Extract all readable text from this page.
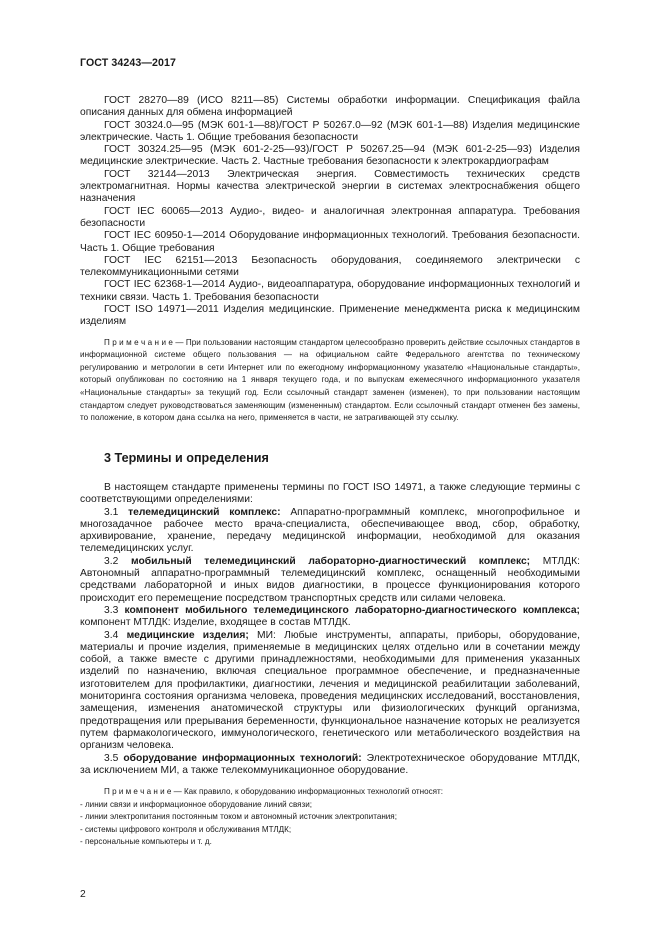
ГОСТ 34243—2017

ГОСТ 28270—89 (ИСО 8211—85) Системы обработки информации. Спецификация файла описания данных для обмена информацией

ГОСТ 30324.0—95 (МЭК 601-1—88)/ГОСТ Р 50267.0—92 (МЭК 601-1—88) Изделия медицинские электрические. Часть 1. Общие требования безопасности

ГОСТ 30324.25—95 (МЭК 601-2-25—93)/ГОСТ Р 50267.25—94 (МЭК 601-2-25—93) Изделия медицинские электрические. Часть 2. Частные требования безопасности к электрокардиографам

ГОСТ 32144—2013 Электрическая энергия. Совместимость технических средств электромагнитная. Нормы качества электрической энергии в системах электроснабжения общего назначения

ГОСТ IEC 60065—2013 Аудио-, видео- и аналогичная электронная аппаратура. Требования безопасности

ГОСТ IEC 60950-1—2014 Оборудование информационных технологий. Требования безопасности. Часть 1. Общие требования

ГОСТ IEC 62151—2013 Безопасность оборудования, соединяемого электрически с телекоммуникационными сетями

ГОСТ IEC 62368-1—2014 Аудио-, видеоаппаратура, оборудование информационных технологий и техники связи. Часть 1. Требования безопасности

ГОСТ ISO 14971—2011 Изделия медицинские. Применение менеджмента риска к медицинским изделиям

П р и м е ч а н и е — При пользовании настоящим стандартом целесообразно проверить действие ссылочных стандартов в информационной системе общего пользования — на официальном сайте Федерального агентства по техническому регулированию и метрологии в сети Интернет или по ежегодному информационному указателю «Национальные стандарты», который опубликован по состоянию на 1 января текущего года, и по выпускам ежемесячного информационного указателя «Национальные стандарты» за текущий год. Если ссылочный стандарт заменен (изменен), то при пользовании настоящим стандартом следует руководствоваться заменяющим (измененным) стандартом. Если ссылочный стандарт отменен без замены, то положение, в котором дана ссылка на него, применяется в части, не затрагивающей эту ссылку.

3 Термины и определения

В настоящем стандарте применены термины по ГОСТ ISO 14971, а также следующие термины с соответствующими определениями:

3.1 телемедицинский комплекс: Аппаратно-программный комплекс, многопрофильное и многозадачное рабочее место врача-специалиста, обеспечивающее ввод, сбор, обработку, архивирование, хранение, передачу медицинской информации, необходимой для оказания телемедицинских услуг.

3.2 мобильный телемедицинский лабораторно-диагностический комплекс; МТЛДК: Автономный аппаратно-программный телемедицинский комплекс, оснащенный необходимыми средствами лабораторной и иных видов диагностики, в процессе функционирования которого происходит его перемещение посредством транспортных средств или силами человека.

3.3 компонент мобильного телемедицинского лабораторно-диагностического комплекса; компонент МТЛДК: Изделие, входящее в состав МТЛДК.

3.4 медицинские изделия; МИ: Любые инструменты, аппараты, приборы, оборудование, материалы и прочие изделия, применяемые в медицинских целях отдельно или в сочетании между собой, а также вместе с другими принадлежностями, необходимыми для применения указанных изделий по назначению, включая специальное программное обеспечение, и предназначенные изготовителем для профилактики, диагностики, лечения и медицинской реабилитации заболеваний, мониторинга состояния организма человека, проведения медицинских исследований, восстановления, замещения, изменения анатомической структуры или физиологических функций организма, предотвращения или прерывания беременности, функциональное назначение которых не реализуется путем фармакологического, иммунологического, генетического или метаболического воздействия на организм человека.

3.5 оборудование информационных технологий: Электротехническое оборудование МТЛДК, за исключением МИ, а также телекоммуникационное оборудование.

П р и м е ч а н и е — Как правило, к оборудованию информационных технологий относят:
- линии связи и информационное оборудование линий связи;
- линии электропитания постоянным током и автономный источник электропитания;
- системы цифрового контроля и обслуживания МТЛДК;
- персональные компьютеры и т. д.
2
